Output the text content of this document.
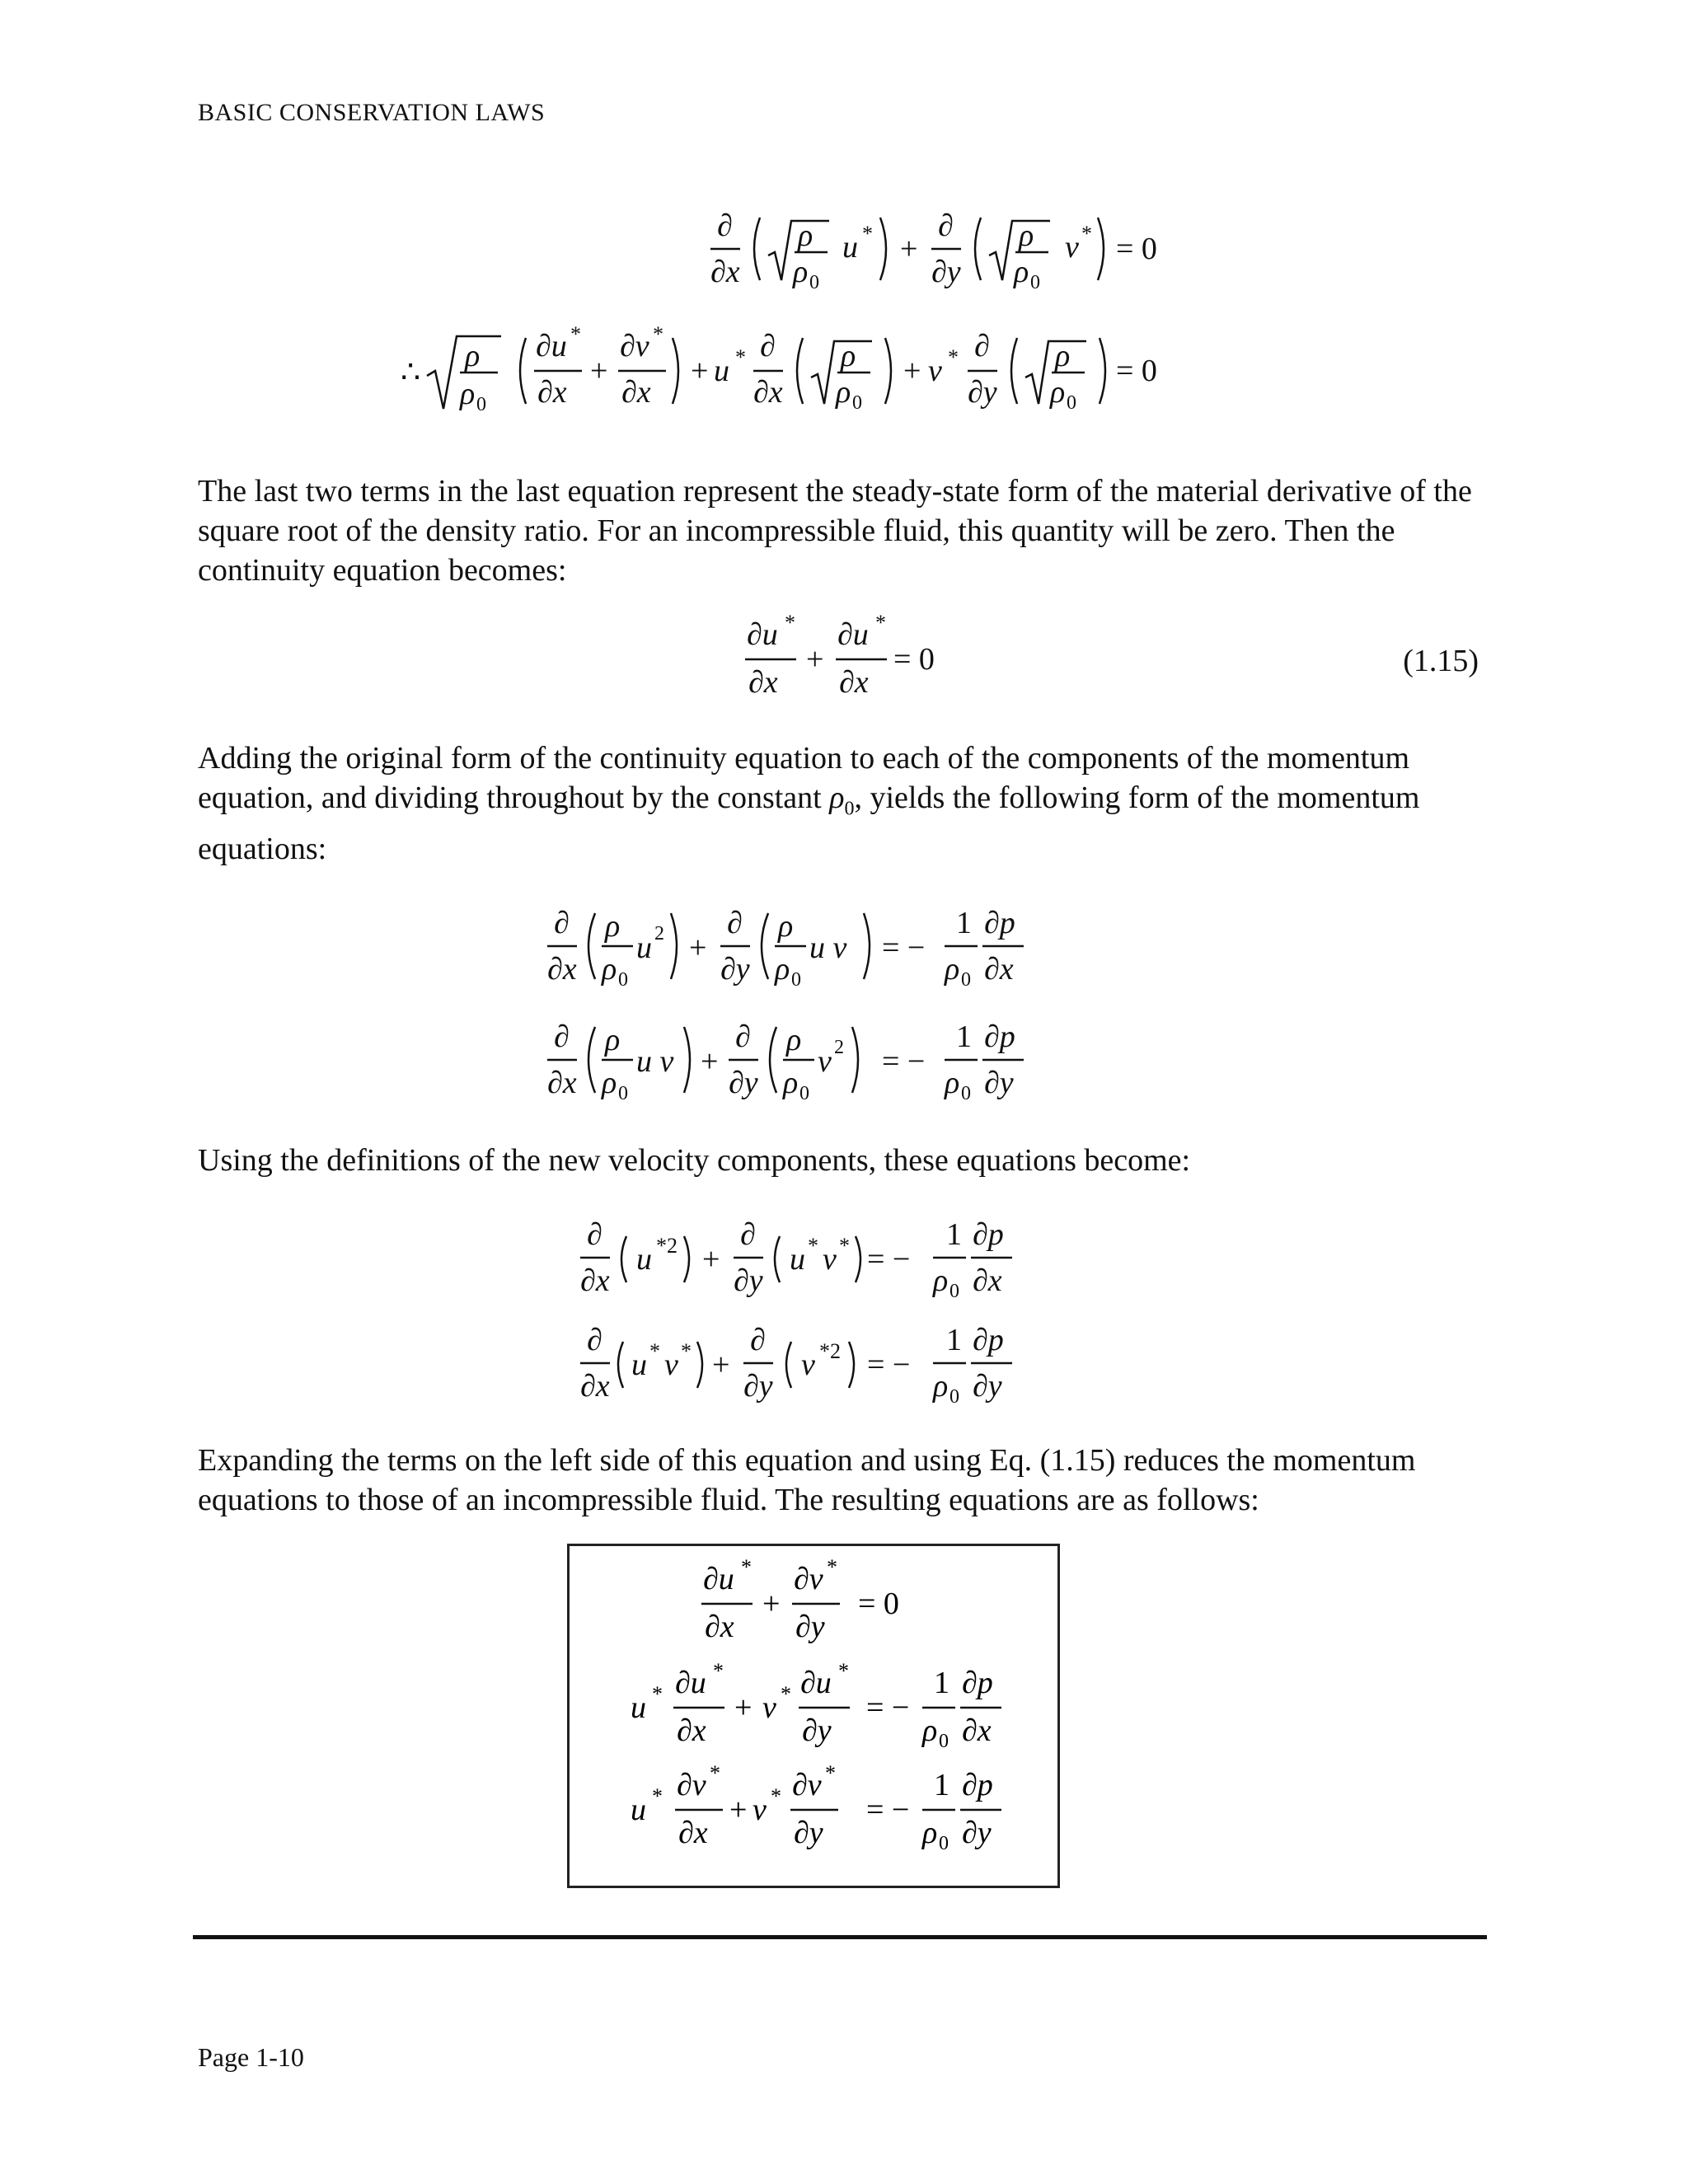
BASIC CONSERVATION LAWS
∂
∂x
ρ
ρ 0
u * +
∂
∂y
ρ
ρ 0
v * = 0
∴ ρ
ρ 0
∂u *
∂x
+
∂v *
∂x
+ u * ∂
∂x
ρ
ρ 0
+ v * ∂
∂y
ρ
ρ 0
= 0

The last two terms in the last equation represent the steady-state form of the material derivative of the square root of the density ratio. For an incompressible fluid, this quantity will be zero. Then the continuity equation becomes:

∂u *
∂x
+
∂u *
∂x
= 0	(1.15)

Adding the original form of the continuity equation to each of the components of the momentum equation, and dividing throughout by the constant $\rho_0$, yields the following form of the momentum equations:

∂
∂x
ρ
ρ 0
u 2 +
∂
∂y
ρ
ρ 0
u v = −
1
ρ 0
∂p
∂x
∂
∂x
ρ
ρ 0
u v +
∂
∂y
ρ
ρ 0
v 2 = −
1
ρ 0
∂p
∂y

Using the definitions of the new velocity components, these equations become:

∂
∂x
u *2 +
∂
∂y
u * v * = −
1
ρ 0
∂p
∂x
∂
∂x
u * v * +
∂
∂y
v *2 = −
1
ρ 0
∂p
∂y

Expanding the terms on the left side of this equation and using Eq. (1.15) reduces the momentum equations to those of an incompressible fluid. The resulting equations are as follows:

∂u *
∂x
+
∂v *
∂y
= 0
u * ∂u *
∂x
+ v * ∂u *
∂y
= −
1
ρ 0
∂p
∂x
u * ∂v *
∂x
+ v * ∂v *
∂y
= −
1
ρ 0
∂p
∂y
Page 1-10
